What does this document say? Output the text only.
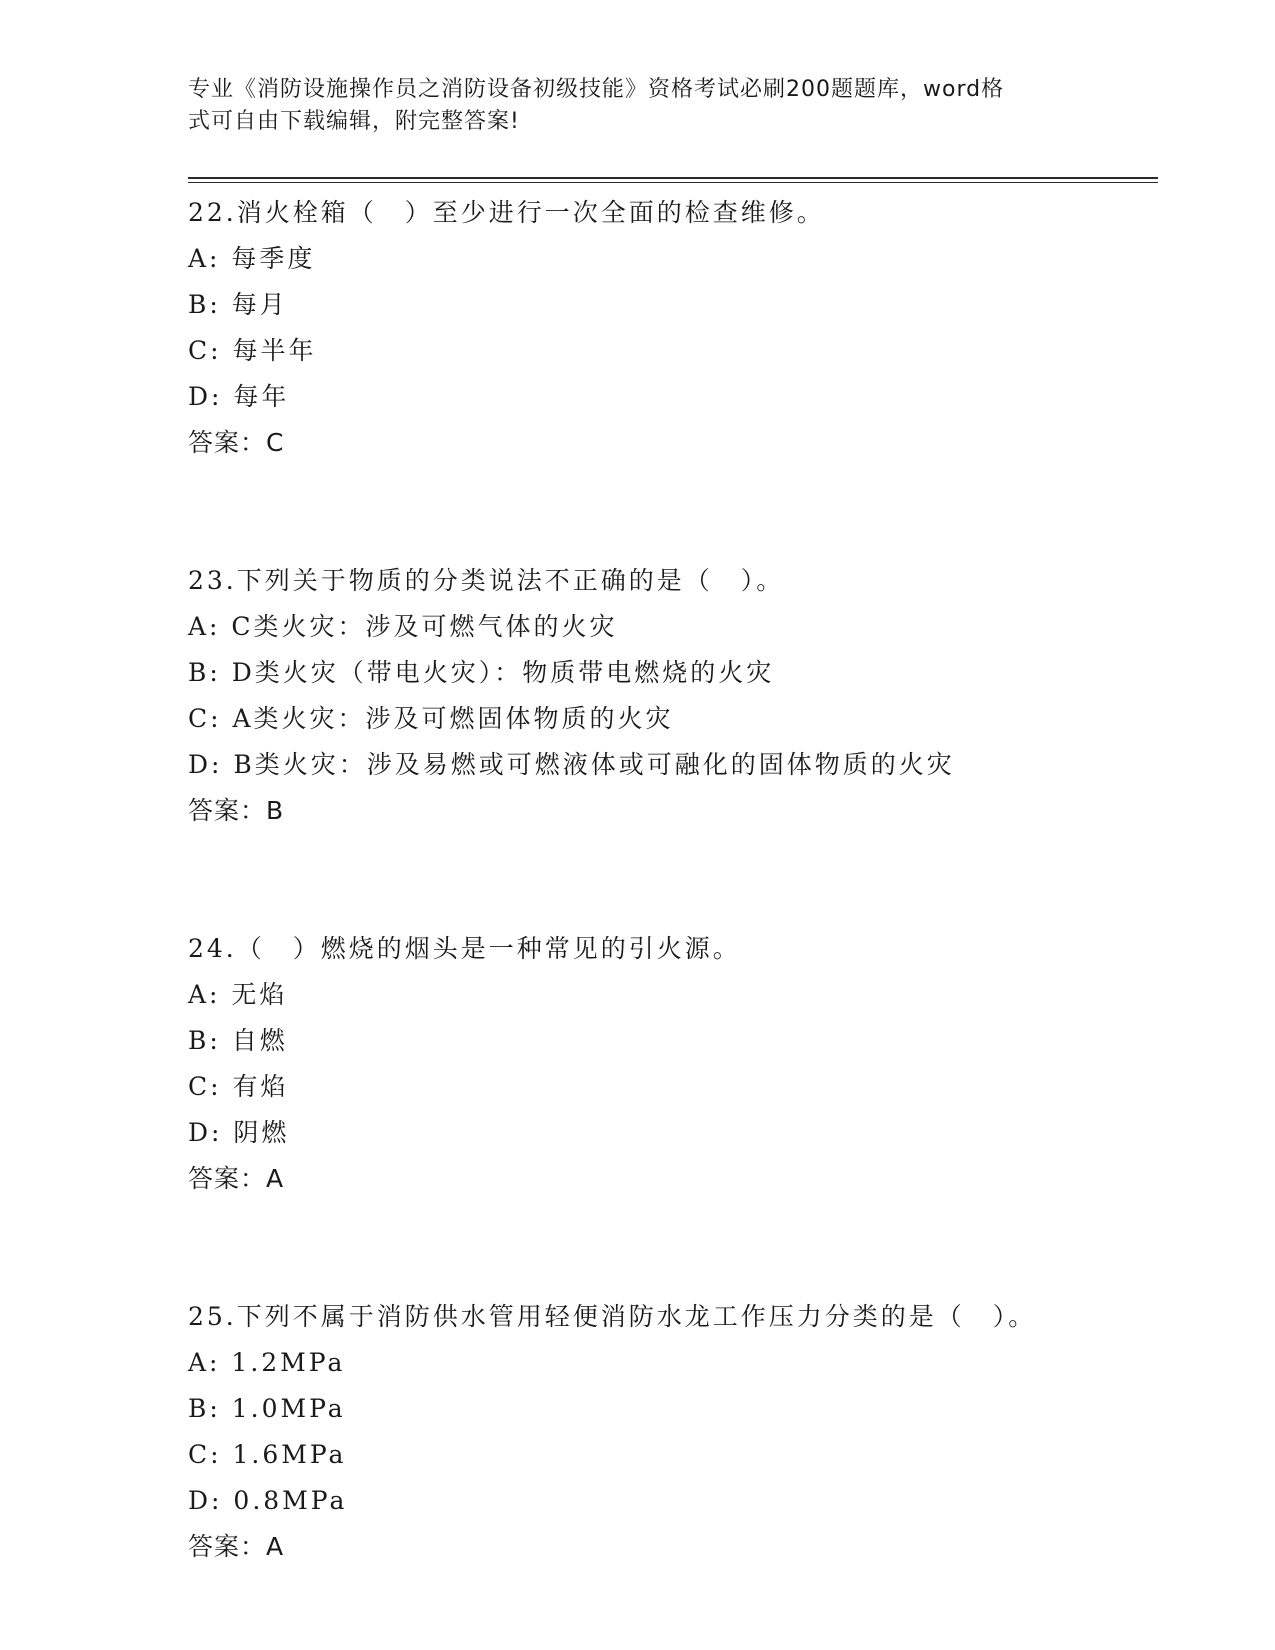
专业《消防设施操作员之消防设备初级技能》资格考试必刷200题题库，word格
式可自由下载编辑，附完整答案!
22.消火栓箱（　）至少进行一次全面的检查维修。
A: 每季度
B: 每月
C: 每半年
D: 每年
答案：C
23.下列关于物质的分类说法不正确的是（　）。
A: C类火灾：涉及可燃气体的火灾
B: D类火灾（带电火灾）：物质带电燃烧的火灾
C: A类火灾：涉及可燃固体物质的火灾
D: B类火灾：涉及易燃或可燃液体或可融化的固体物质的火灾
答案：B
24.（　）燃烧的烟头是一种常见的引火源。
A: 无焰
B: 自燃
C: 有焰
D: 阴燃
答案：A
25.下列不属于消防供水管用轻便消防水龙工作压力分类的是（　）。
A: 1.2MPa
B: 1.0MPa
C: 1.6MPa
D: 0.8MPa
答案：A
